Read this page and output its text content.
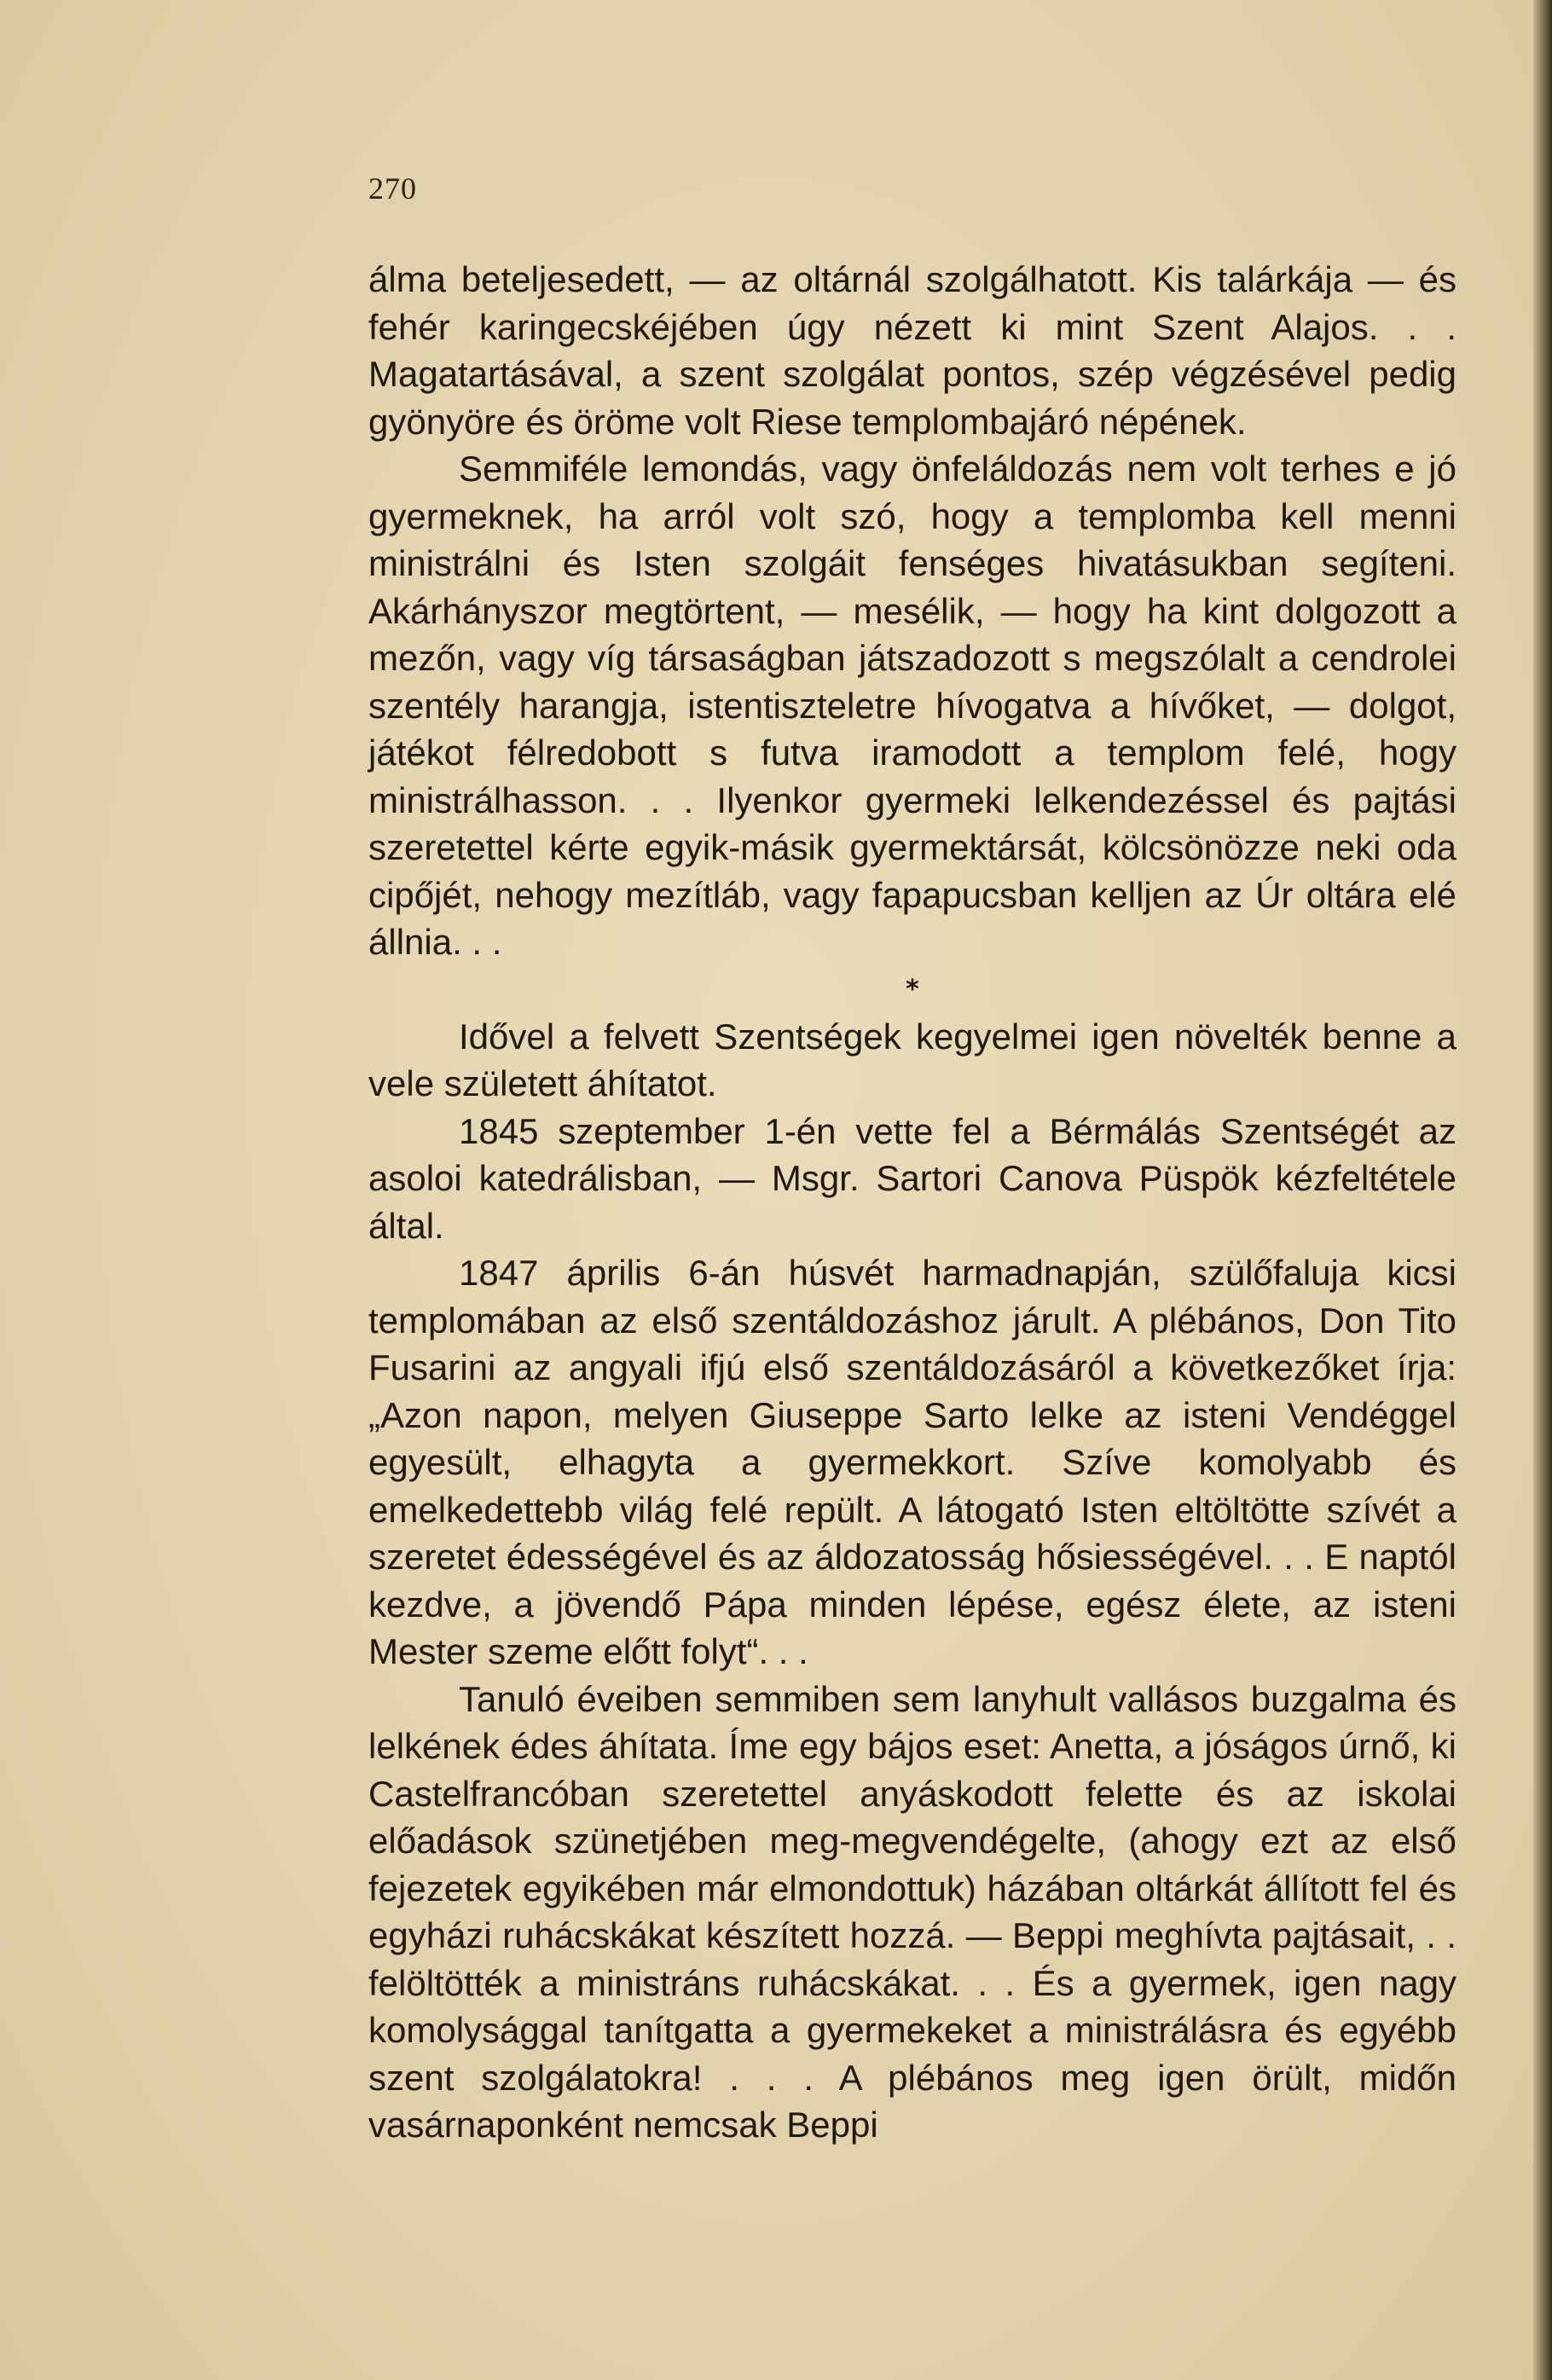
270

álma beteljesedett, — az oltárnál szolgálhatott. Kis talárkája — és fehér karingecskéjében úgy nézett ki mint Szent Alajos. . . Magatartásával, a szent szolgálat pontos, szép végzésével pedig gyönyöre és öröme volt Riese templombajáró népének.

Semmiféle lemondás, vagy önfeláldozás nem volt terhes e jó gyermeknek, ha arról volt szó, hogy a templomba kell menni ministrálni és Isten szolgáit fenséges hivatásukban segíteni. Akárhányszor megtörtent, — mesélik, — hogy ha kint dolgozott a mezőn, vagy víg társaságban játszadozott s megszólalt a cendrolei szentély harangja, istentiszteletre hívogatva a hívőket, — dolgot, játékot félredobott s futva iramodott a templom felé, hogy ministrálhasson. . . Ilyenkor gyermeki lelkendezéssel és pajtási szeretettel kérte egyik-másik gyermektársát, kölcsönözze neki oda cipőjét, nehogy mezítláb, vagy fapapucsban kelljen az Úr oltára elé állnia. . .

*

Idővel a felvett Szentségek kegyelmei igen növelték benne a vele született áhítatot.

1845 szeptember 1-én vette fel a Bérmálás Szentségét az asoloi katedrálisban, — Msgr. Sartori Canova Püspök kézfeltétele által.

1847 április 6-án húsvét harmadnapján, szülőfaluja kicsi templomában az első szentáldozáshoz járult. A plébános, Don Tito Fusarini az angyali ifjú első szentáldozásáról a következőket írja: „Azon napon, melyen Giuseppe Sarto lelke az isteni Vendéggel egyesült, elhagyta a gyermekkort. Szíve komolyabb és emelkedettebb világ felé repült. A látogató Isten eltöltötte szívét a szeretet édességével és az áldozatosság hősiességével. . . E naptól kezdve, a jövendő Pápa minden lépése, egész élete, az isteni Mester szeme előtt folyt“. . .

Tanuló éveiben semmiben sem lanyhult vallásos buzgalma és lelkének édes áhítata. Íme egy bájos eset: Anetta, a jóságos úrnő, ki Castelfrancóban szeretettel anyáskodott felette és az iskolai előadások szünetjében meg-megvendégelte, (ahogy ezt az első fejezetek egyikében már elmondottuk) házában oltárkát állított fel és egyházi ruhácskákat készített hozzá. — Beppi meghívta pajtásait, . . felöltötték a ministráns ruhácskákat. . . És a gyermek, igen nagy komolysággal tanítgatta a gyermekeket a ministrálásra és egyébb szent szolgálatokra! . . . A plébános meg igen örült, midőn vasárnaponként nemcsak Beppi
